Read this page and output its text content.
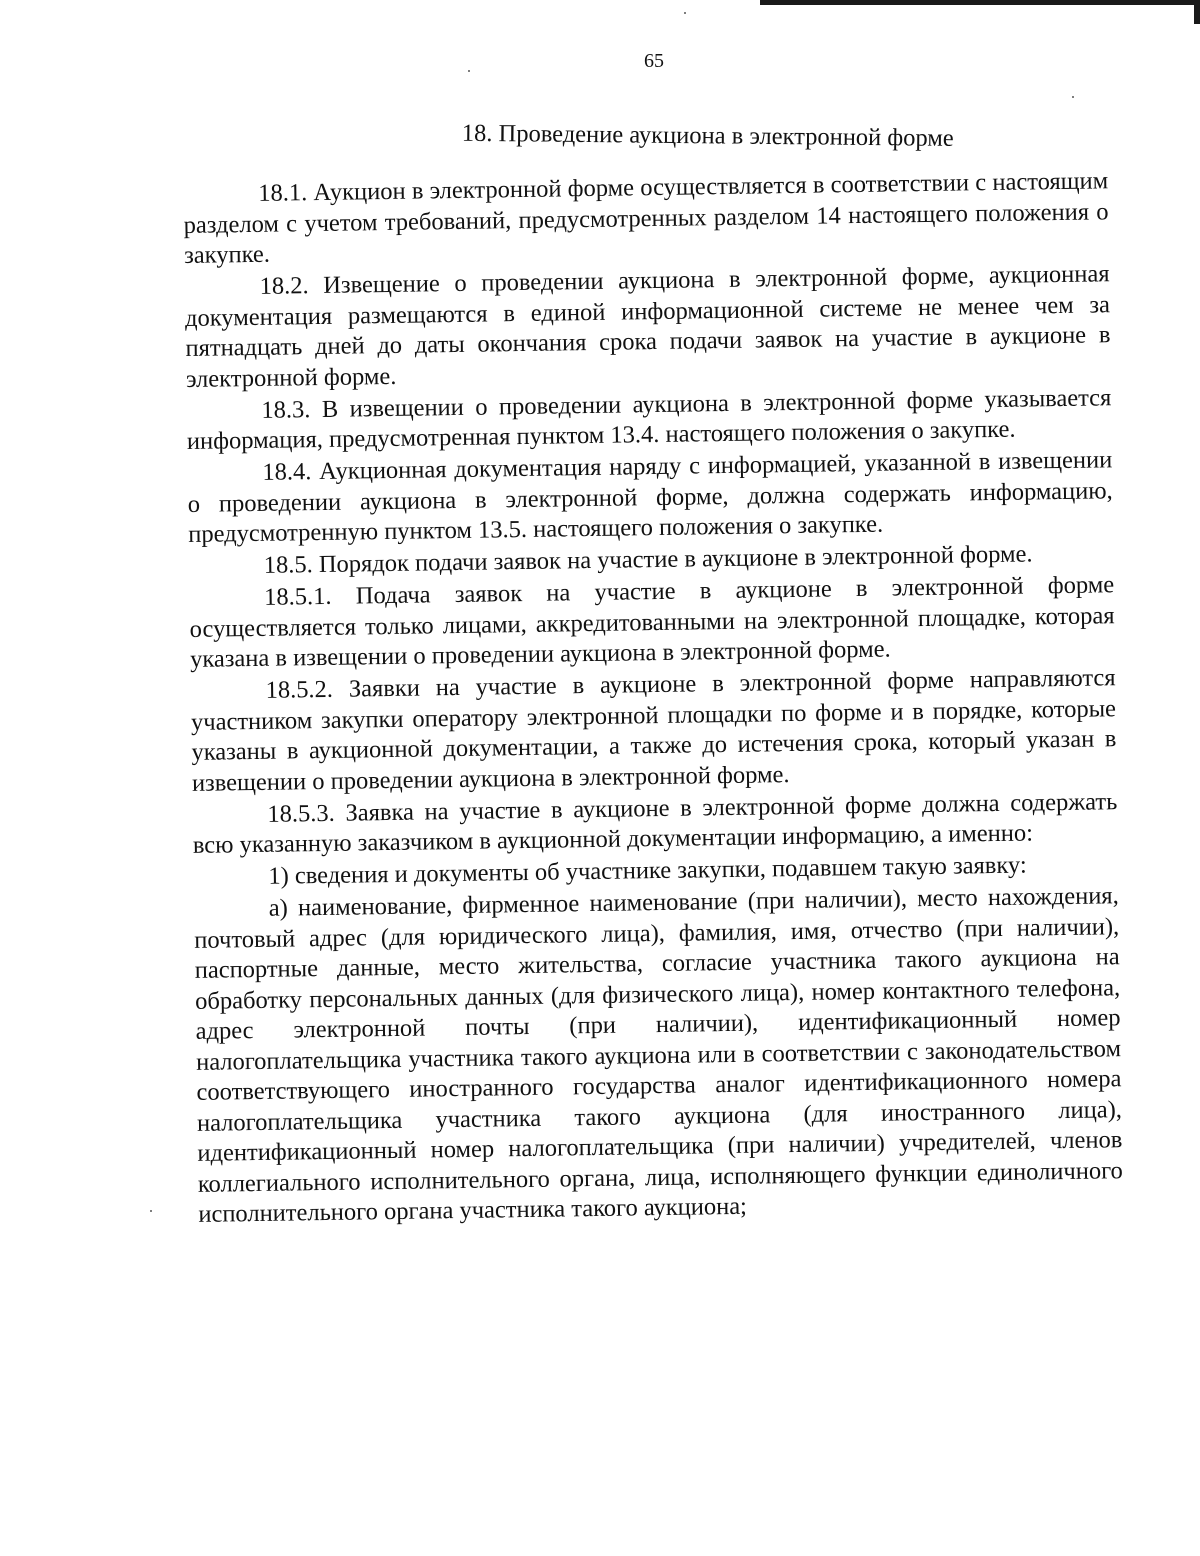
65
18. Проведение аукциона в электронной форме

18.1. Аукцион в электронной форме осуществляется в соответствии с настоящим разделом с учетом требований, предусмотренных разделом 14 настоящего положения о закупке.

18.2. Извещение о проведении аукциона в электронной форме, аукционная документация размещаются в единой информационной системе не менее чем за пятнадцать дней до даты окончания срока подачи заявок на участие в аукционе в электронной форме.

18.3. В извещении о проведении аукциона в электронной форме указывается информация, предусмотренная пунктом 13.4. настоящего положения о закупке.

18.4. Аукционная документация наряду с информацией, указанной в извещении о проведении аукциона в электронной форме, должна содержать информацию, предусмотренную пунктом 13.5. настоящего положения о закупке.

18.5. Порядок подачи заявок на участие в аукционе в электронной форме.

18.5.1. Подача заявок на участие в аукционе в электронной форме осуществляется только лицами, аккредитованными на электронной площадке, которая указана в извещении о проведении аукциона в электронной форме.

18.5.2. Заявки на участие в аукционе в электронной форме направляются участником закупки оператору электронной площадки по форме и в порядке, которые указаны в аукционной документации, а также до истечения срока, который указан в извещении о проведении аукциона в электронной форме.

18.5.3. Заявка на участие в аукционе в электронной форме должна содержать всю указанную заказчиком в аукционной документации информацию, а именно:

1) сведения и документы об участнике закупки, подавшем такую заявку:

а) наименование, фирменное наименование (при наличии), место нахождения, почтовый адрес (для юридического лица), фамилия, имя, отчество (при наличии), паспортные данные, место жительства, согласие участника такого аукциона на обработку персональных данных (для физического лица), номер контактного телефона, адрес электронной почты (при наличии), идентификационный номер налогоплательщика участника такого аукциона или в соответствии с законодательством соответствующего иностранного государства аналог идентификационного номера налогоплательщика участника такого аукциона (для иностранного лица), идентификационный номер налогоплательщика (при наличии) учредителей, членов коллегиального исполнительного органа, лица, исполняющего функции единоличного исполнительного органа участника такого аукциона;
